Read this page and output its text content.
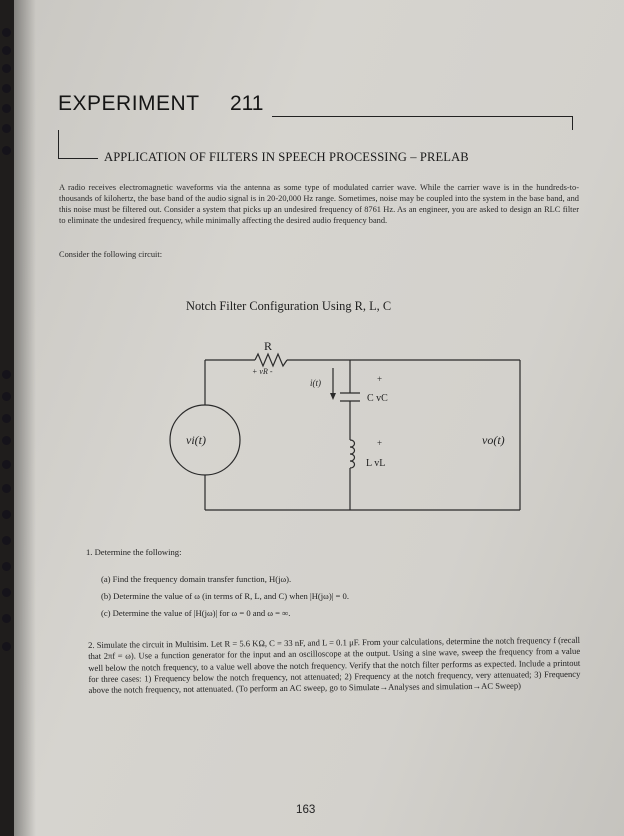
EXPERIMENT 211
APPLICATION OF FILTERS IN SPEECH PROCESSING – PRELAB
A radio receives electromagnetic waveforms via the antenna as some type of modulated carrier wave. While the carrier wave is in the hundreds-to-thousands of kilohertz, the base band of the audio signal is in 20-20,000 Hz range. Sometimes, noise may be coupled into the system in the base band, and this noise must be filtered out. Consider a system that picks up an undesired frequency of 8761 Hz. As an engineer, you are asked to design an RLC filter to eliminate the undesired frequency, while minimally affecting the desired audio frequency band.
Consider the following circuit:
Notch Filter Configuration Using R, L, C
R
+ vR -
i(t)	+
C vC
+
L vL
vi(t)	vo(t)
1. Determine the following:
(a) Find the frequency domain transfer function, H(jω).
(b) Determine the value of ω (in terms of R, L, and C) when |H(jω)| = 0.
(c) Determine the value of |H(jω)| for ω = 0 and ω = ∞.
2. Simulate the circuit in Multisim. Let R = 5.6 KΩ, C = 33 nF, and L = 0.1 μF. From your calculations, determine the notch frequency f (recall that 2πf = ω). Use a function generator for the input and an oscilloscope at the output. Using a sine wave, sweep the frequency from a value well below the notch frequency, to a value well above the notch frequency. Verify that the notch filter performs as expected. Include a printout for three cases: 1) Frequency below the notch frequency, not attenuated; 2) Frequency at the notch frequency, very attenuated; 3) Frequency above the notch frequency, not attenuated. (To perform an AC sweep, go to Simulate→Analyses and simulation→AC Sweep)
163
